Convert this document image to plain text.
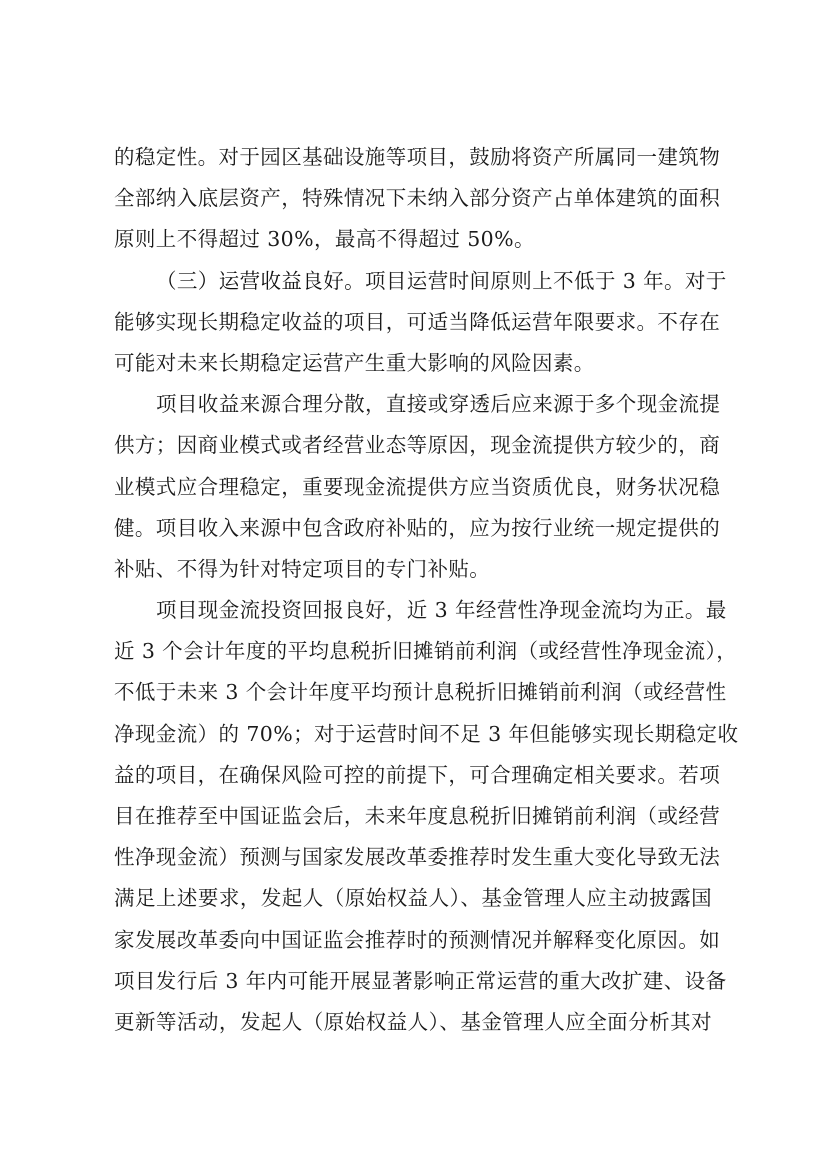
的稳定性。对于园区基础设施等项目，鼓励将资产所属同一建筑物
全部纳入底层资产，特殊情况下未纳入部分资产占单体建筑的面积
原则上不得超过 30%，最高不得超过 50%。
（三）运营收益良好。项目运营时间原则上不低于 3 年。对于
能够实现长期稳定收益的项目，可适当降低运营年限要求。不存在
可能对未来长期稳定运营产生重大影响的风险因素。
项目收益来源合理分散，直接或穿透后应来源于多个现金流提
供方；因商业模式或者经营业态等原因，现金流提供方较少的，商
业模式应合理稳定，重要现金流提供方应当资质优良，财务状况稳
健。项目收入来源中包含政府补贴的，应为按行业统一规定提供的
补贴、不得为针对特定项目的专门补贴。
项目现金流投资回报良好，近 3 年经营性净现金流均为正。最
近 3 个会计年度的平均息税折旧摊销前利润（或经营性净现金流），
不低于未来 3 个会计年度平均预计息税折旧摊销前利润（或经营性
净现金流）的 70%；对于运营时间不足 3 年但能够实现长期稳定收
益的项目，在确保风险可控的前提下，可合理确定相关要求。若项
目在推荐至中国证监会后，未来年度息税折旧摊销前利润（或经营
性净现金流）预测与国家发展改革委推荐时发生重大变化导致无法
满足上述要求，发起人（原始权益人）、基金管理人应主动披露国
家发展改革委向中国证监会推荐时的预测情况并解释变化原因。如
项目发行后 3 年内可能开展显著影响正常运营的重大改扩建、设备
更新等活动，发起人（原始权益人）、基金管理人应全面分析其对
